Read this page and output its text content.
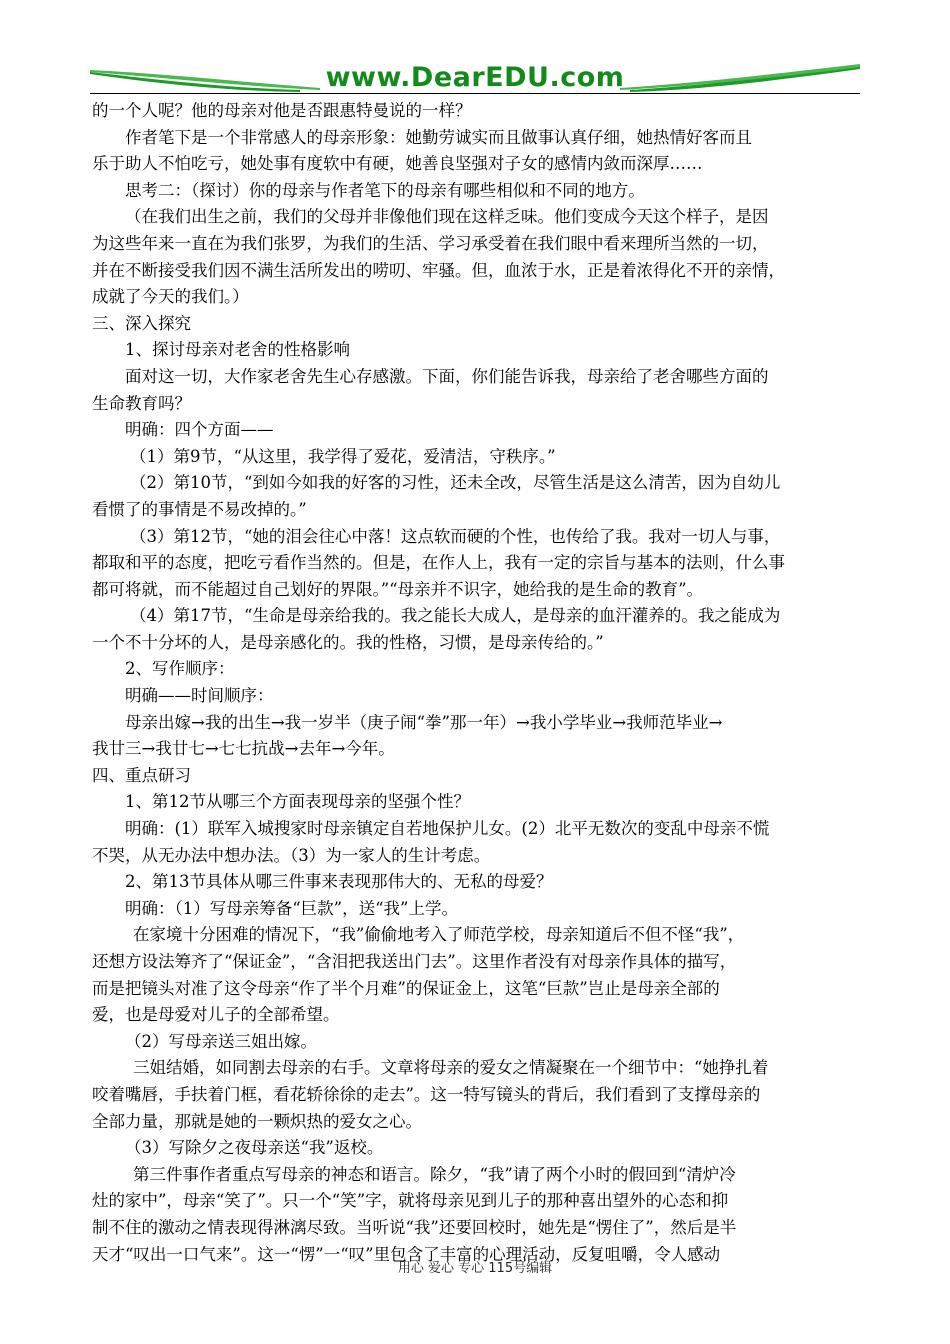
www.DearEDU.com
的一个人呢？他的母亲对他是否跟惠特曼说的一样？
作者笔下是一个非常感人的母亲形象：她勤劳诚实而且做事认真仔细，她热情好客而且
乐于助人不怕吃亏，她处事有度软中有硬，她善良坚强对子女的感情内敛而深厚……
思考二：（探讨）你的母亲与作者笔下的母亲有哪些相似和不同的地方。
（在我们出生之前，我们的父母并非像他们现在这样乏味。他们变成今天这个样子，是因
为这些年来一直在为我们张罗，为我们的生活、学习承受着在我们眼中看来理所当然的一切，
并在不断接受我们因不满生活所发出的唠叨、牢骚。但，血浓于水，正是着浓得化不开的亲情，
成就了今天的我们。）
三、深入探究
1、探讨母亲对老舍的性格影响
面对这一切，大作家老舍先生心存感激。下面，你们能告诉我，母亲给了老舍哪些方面的
生命教育吗？
明确：四个方面——
（1）第9节，“从这里，我学得了爱花，爱清洁，守秩序。”
（2）第10节，“到如今如我的好客的习性，还未全改，尽管生活是这么清苦，因为自幼儿
看惯了的事情是不易改掉的。”
（3）第12节，“她的泪会往心中落！这点软而硬的个性，也传给了我。我对一切人与事，
都取和平的态度，把吃亏看作当然的。但是，在作人上，我有一定的宗旨与基本的法则，什么事
都可将就，而不能超过自己划好的界限。”“母亲并不识字，她给我的是生命的教育”。
（4）第17节，“生命是母亲给我的。我之能长大成人，是母亲的血汗灌养的。我之能成为
一个不十分坏的人，是母亲感化的。我的性格，习惯，是母亲传给的。”
2、写作顺序：
明确——时间顺序：
母亲出嫁→我的出生→我一岁半（庚子闹“拳”那一年）→我小学毕业→我师范毕业→
我廿三→我廿七→七七抗战→去年→今年。
四、重点研习
1、第12节从哪三个方面表现母亲的坚强个性？
明确：(1）联军入城搜家时母亲镇定自若地保护儿女。(2）北平无数次的变乱中母亲不慌
不哭，从无办法中想办法。（3）为一家人的生计考虑。
2、第13节具体从哪三件事来表现那伟大的、无私的母爱？
明确：（1）写母亲筹备“巨款”，送“我”上学。
在家境十分困难的情况下，“我”偷偷地考入了师范学校，母亲知道后不但不怪“我”，
还想方设法筹齐了“保证金”，“含泪把我送出门去”。这里作者没有对母亲作具体的描写，
而是把镜头对准了这令母亲“作了半个月难”的保证金上，这笔“巨款”岂止是母亲全部的
爱，也是母爱对儿子的全部希望。
（2）写母亲送三姐出嫁。
三姐结婚，如同割去母亲的右手。文章将母亲的爱女之情凝聚在一个细节中：“她挣扎着
咬着嘴唇，手扶着门框，看花轿徐徐的走去”。这一特写镜头的背后，我们看到了支撑母亲的
全部力量，那就是她的一颗炽热的爱女之心。
（3）写除夕之夜母亲送“我”返校。
第三件事作者重点写母亲的神态和语言。除夕，“我”请了两个小时的假回到“清炉冷
灶的家中”，母亲“笑了”。只一个“笑”字，就将母亲见到儿子的那种喜出望外的心态和抑
制不住的激动之情表现得淋漓尽致。当听说“我”还要回校时，她先是“愣住了”，然后是半
天才“叹出一口气来”。这一“愣”一“叹”里包含了丰富的心理活动，反复咀嚼，令人感动
用心 爱心 专心 115号编辑
